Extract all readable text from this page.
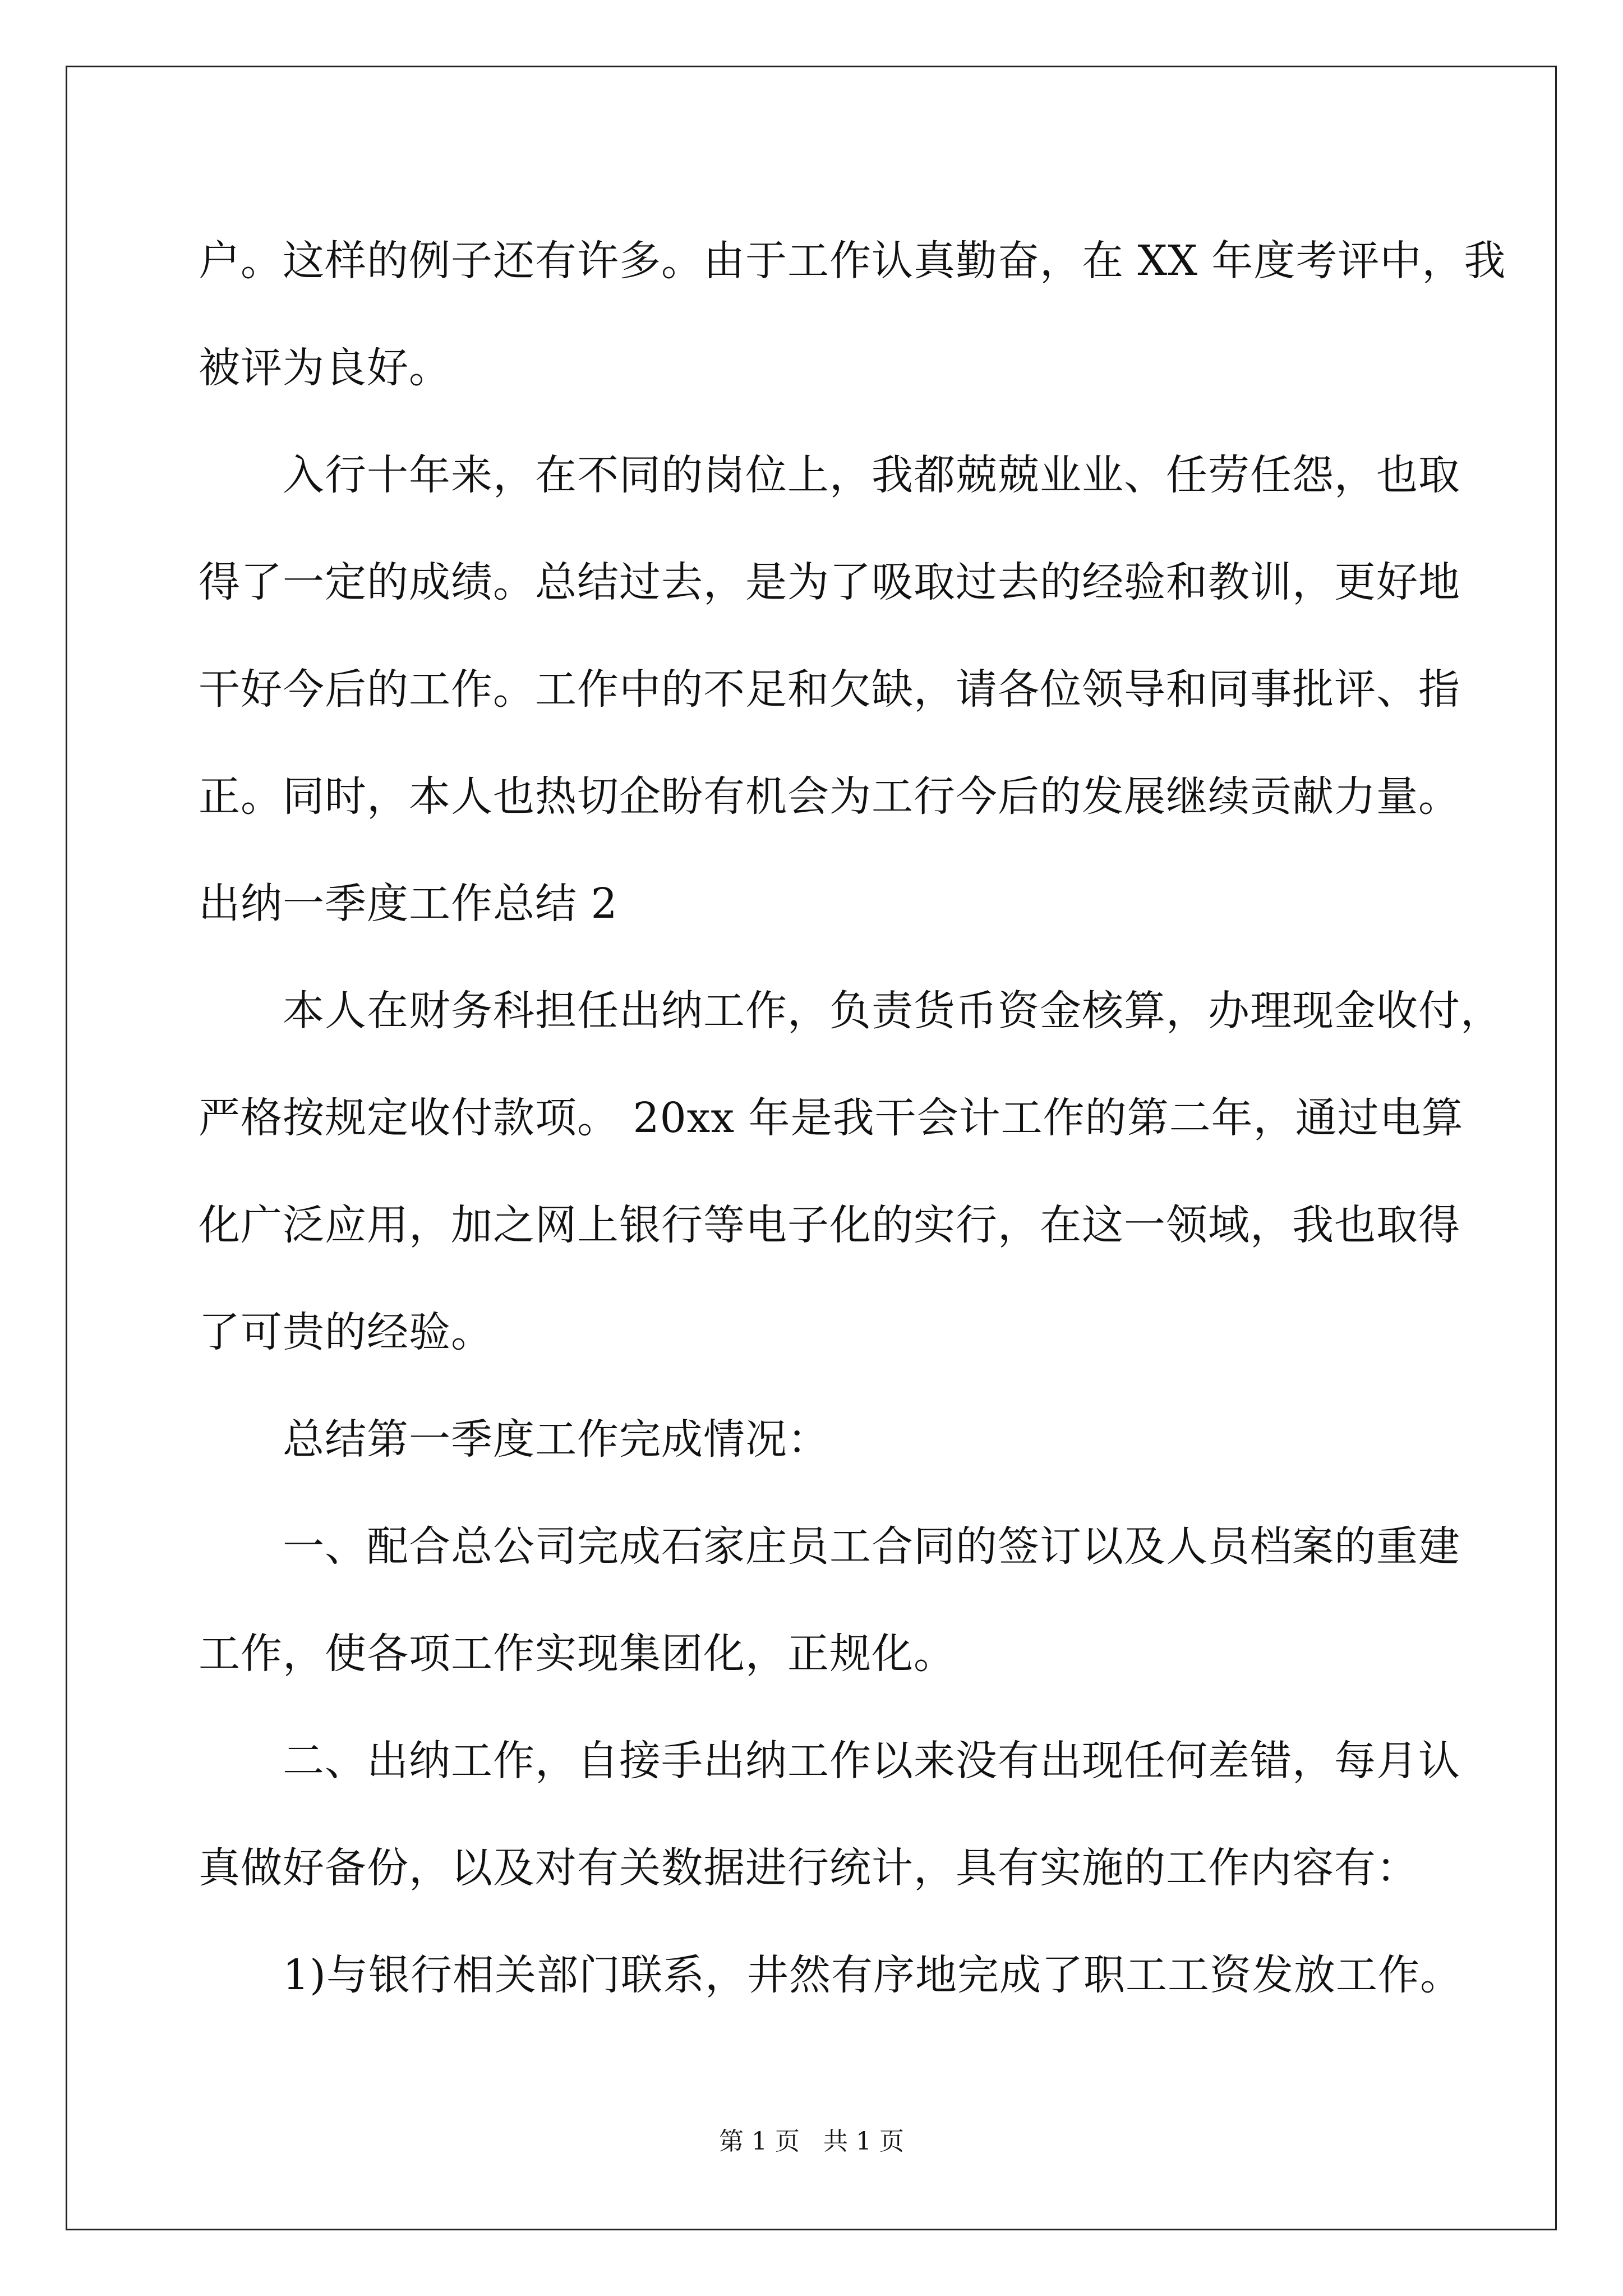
户。这样的例子还有许多。由于工作认真勤奋，在 XX 年度考评中，我

被评为良好。

入行十年来，在不同的岗位上，我都兢兢业业、任劳任怨，也取

得了一定的成绩。总结过去，是为了吸取过去的经验和教训，更好地

干好今后的工作。工作中的不足和欠缺，请各位领导和同事批评、指

正。同时，本人也热切企盼有机会为工行今后的发展继续贡献力量。

出纳一季度工作总结 2

本人在财务科担任出纳工作，负责货币资金核算，办理现金收付，

严格按规定收付款项。 20xx 年是我干会计工作的第二年，通过电算

化广泛应用，加之网上银行等电子化的实行，在这一领域，我也取得

了可贵的经验。

总结第一季度工作完成情况：

一、配合总公司完成石家庄员工合同的签订以及人员档案的重建

工作，使各项工作实现集团化，正规化。

二、出纳工作，自接手出纳工作以来没有出现任何差错，每月认

真做好备份，以及对有关数据进行统计，具有实施的工作内容有：

1)与银行相关部门联系，井然有序地完成了职工工资发放工作。

第 1 页   共 1 页
